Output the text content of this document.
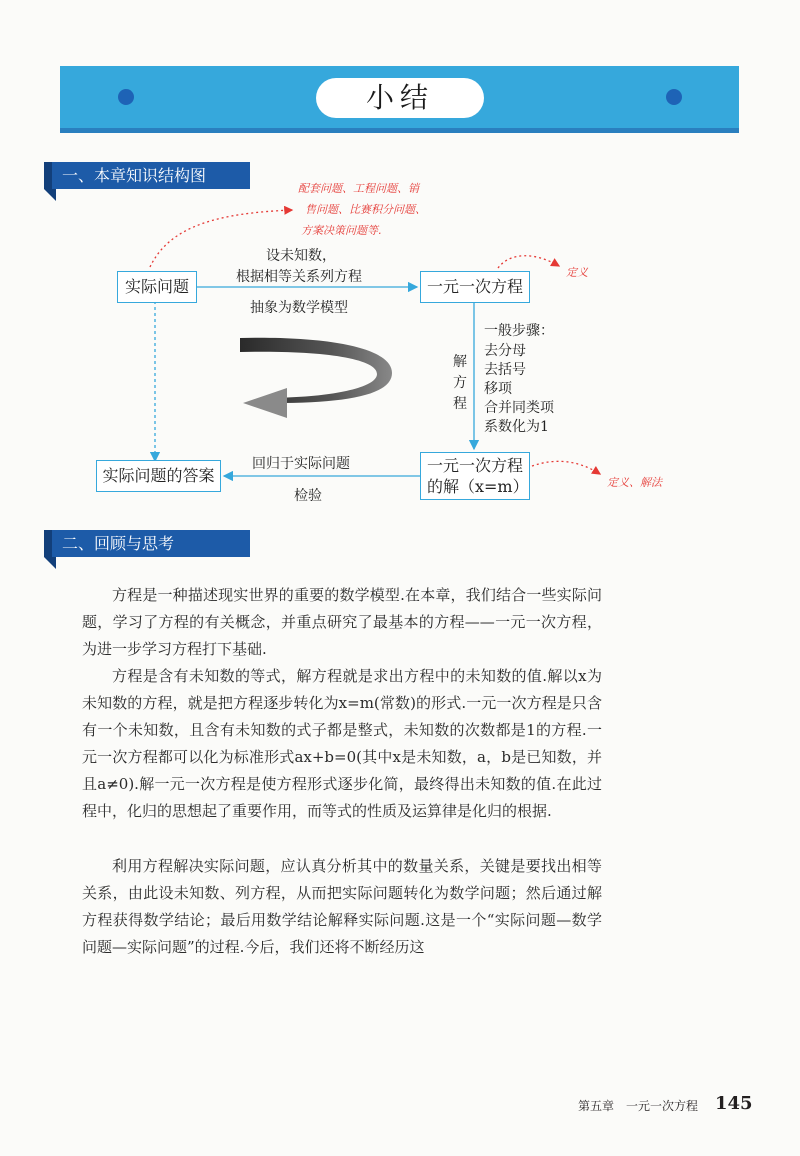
小结
一、本章知识结构图
实际问题	一元一次方程
实际问题的答案
一元一次方程
的解（x=m）
设未知数，
根据相等关系列方程
抽象为数学模型
解
方
程
一般步骤：
去分母
去括号
移项
合并同类项
系数化为1
回归于实际问题
检验
配套问题、工程问题、销
售问题、比赛积分问题、
方案决策问题等.
定义
定义、解法
二、回顾与思考

方程是一种描述现实世界的重要的数学模型.在本章，我们结合一些实际问题，学习了方程的有关概念，并重点研究了最基本的方程——一元一次方程，为进一步学习方程打下基础.

方程是含有未知数的等式，解方程就是求出方程中的未知数的值.解以x为未知数的方程，就是把方程逐步转化为x=m(常数)的形式.一元一次方程是只含有一个未知数，且含有未知数的式子都是整式，未知数的次数都是1的方程.一元一次方程都可以化为标准形式ax+b=0(其中x是未知数，a，b是已知数，并且a≠0).解一元一次方程是使方程形式逐步化简，最终得出未知数的值.在此过程中，化归的思想起了重要作用，而等式的性质及运算律是化归的根据.

利用方程解决实际问题，应认真分析其中的数量关系，关键是要找出相等关系，由此设未知数、列方程，从而把实际问题转化为数学问题；然后通过解方程获得数学结论；最后用数学结论解释实际问题.这是一个“实际问题—数学问题—实际问题”的过程.今后，我们还将不断经历这

第五章　一元一次方程 145
